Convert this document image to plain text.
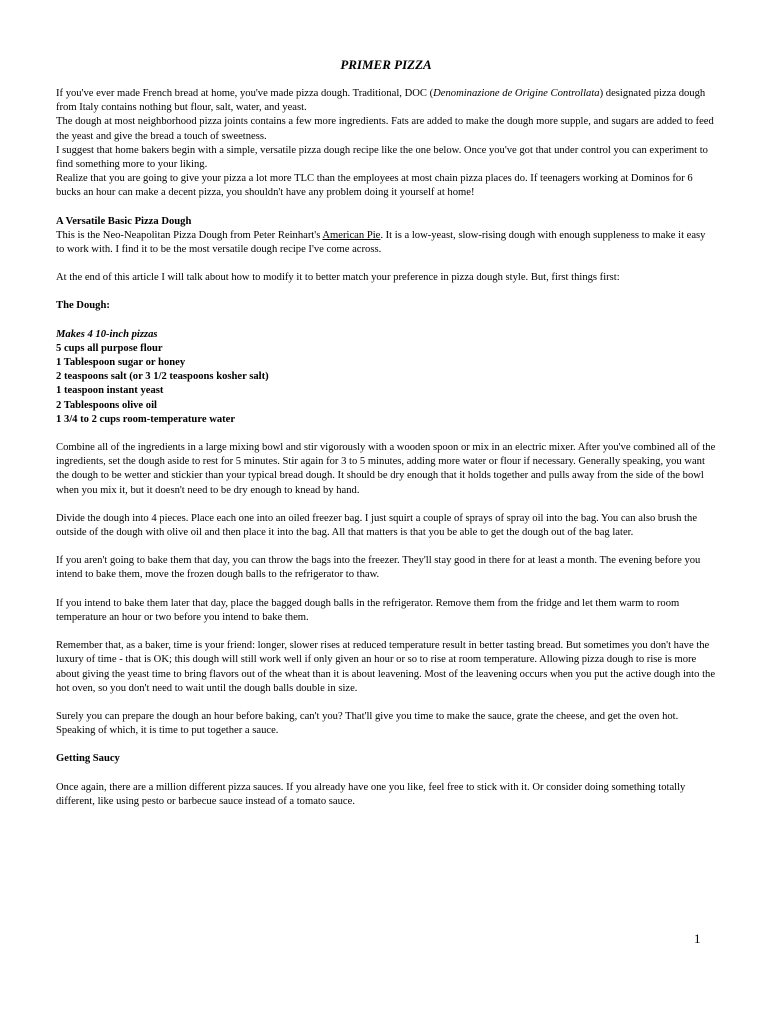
PRIMER PIZZA

If you've ever made French bread at home, you've made pizza dough. Traditional, DOC (Denominazione de Origine Controllata) designated pizza dough from Italy contains nothing but flour, salt, water, and yeast.

The dough at most neighborhood pizza joints contains a few more ingredients. Fats are added to make the dough more supple, and sugars are added to feed the yeast and give the bread a touch of sweetness.

I suggest that home bakers begin with a simple, versatile pizza dough recipe like the one below. Once you've got that under control you can experiment to find something more to your liking.

Realize that you are going to give your pizza a lot more TLC than the employees at most chain pizza places do. If teenagers working at Dominos for 6 bucks an hour can make a decent pizza, you shouldn't have any problem doing it yourself at home!

A Versatile Basic Pizza Dough

This is the Neo-Neapolitan Pizza Dough from Peter Reinhart's American Pie. It is a low-yeast, slow-rising dough with enough suppleness to make it easy to work with. I find it to be the most versatile dough recipe I've come across.

At the end of this article I will talk about how to modify it to better match your preference in pizza dough style. But, first things first:

The Dough:

Makes 4 10-inch pizzas
5 cups all purpose flour
1 Tablespoon sugar or honey
2 teaspoons salt (or 3 1/2 teaspoons kosher salt)
1 teaspoon instant yeast
2 Tablespoons olive oil
1 3/4 to 2 cups room-temperature water

Combine all of the ingredients in a large mixing bowl and stir vigorously with a wooden spoon or mix in an electric mixer. After you've combined all of the ingredients, set the dough aside to rest for 5 minutes. Stir again for 3 to 5 minutes, adding more water or flour if necessary. Generally speaking, you want the dough to be wetter and stickier than your typical bread dough. It should be dry enough that it holds together and pulls away from the side of the bowl when you mix it, but it doesn't need to be dry enough to knead by hand.

Divide the dough into 4 pieces. Place each one into an oiled freezer bag. I just squirt a couple of sprays of spray oil into the bag. You can also brush the outside of the dough with olive oil and then place it into the bag. All that matters is that you be able to get the dough out of the bag later.

If you aren't going to bake them that day, you can throw the bags into the freezer. They'll stay good in there for at least a month. The evening before you intend to bake them, move the frozen dough balls to the refrigerator to thaw.

If you intend to bake them later that day, place the bagged dough balls in the refrigerator. Remove them from the fridge and let them warm to room temperature an hour or two before you intend to bake them.

Remember that, as a baker, time is your friend: longer, slower rises at reduced temperature result in better tasting bread. But sometimes you don't have the luxury of time - that is OK; this dough will still work well if only given an hour or so to rise at room temperature. Allowing pizza dough to rise is more about giving the yeast time to bring flavors out of the wheat than it is about leavening. Most of the leavening occurs when you put the active dough into the hot oven, so you don't need to wait until the dough balls double in size.

Surely you can prepare the dough an hour before baking, can't you? That'll give you time to make the sauce, grate the cheese, and get the oven hot. Speaking of which, it is time to put together a sauce.

Getting Saucy

Once again, there are a million different pizza sauces. If you already have one you like, feel free to stick with it. Or consider doing something totally different, like using pesto or barbecue sauce instead of a tomato sauce.

1
